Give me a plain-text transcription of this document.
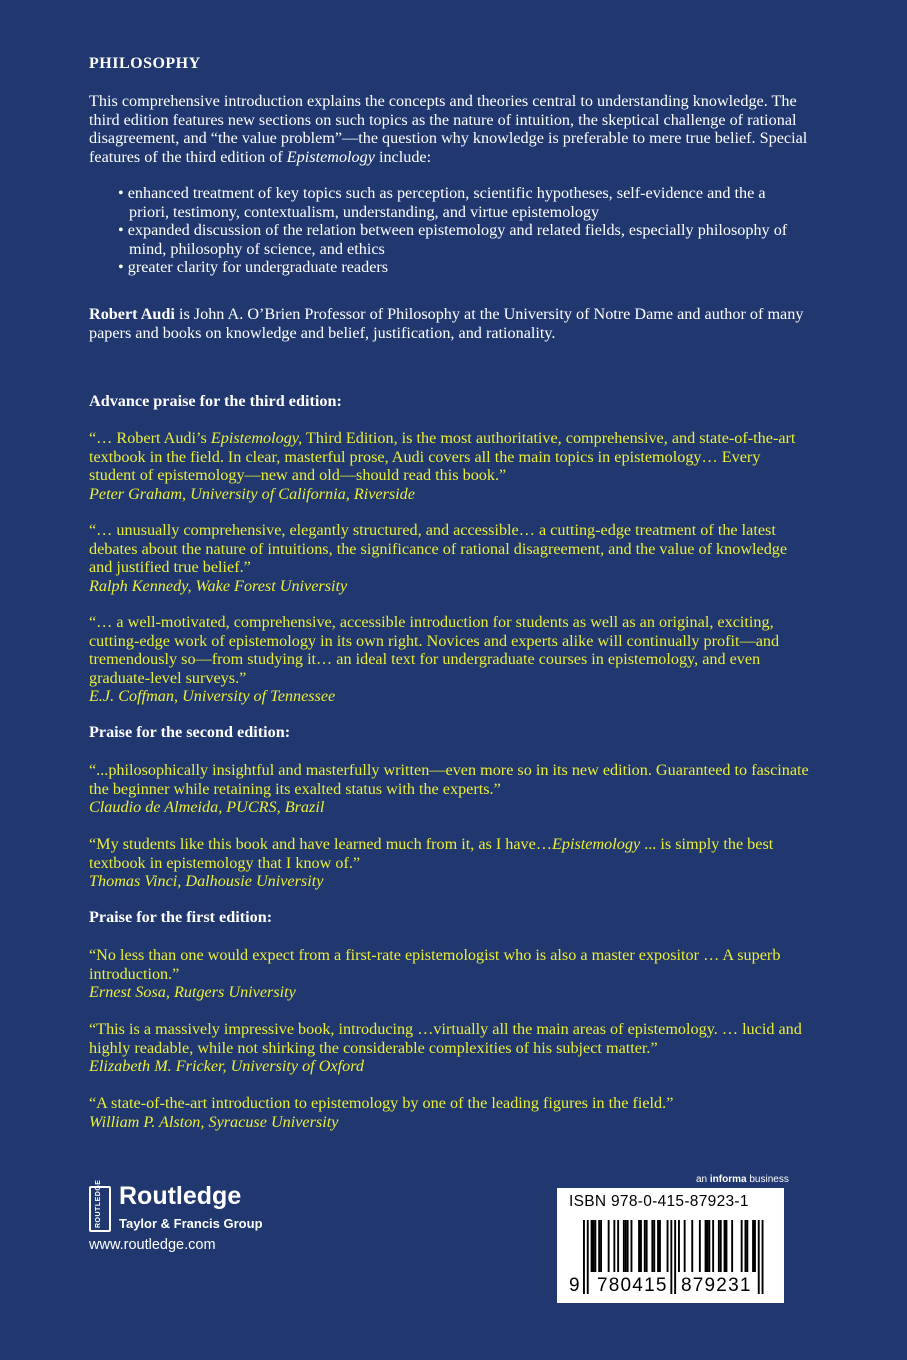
PHILOSOPHY

This comprehensive introduction explains the concepts and theories central to understanding knowledge. The third edition features new sections on such topics as the nature of intuition, the skeptical challenge of rational disagreement, and “the value problem”—the question why knowledge is preferable to mere true belief. Special features of the third edition of Epistemology include:

• enhanced treatment of key topics such as perception, scientific hypotheses, self-evidence and the a priori, testimony, contextualism, understanding, and virtue epistemology
• expanded discussion of the relation between epistemology and related fields, especially philosophy of mind, philosophy of science, and ethics
• greater clarity for undergraduate readers

Robert Audi is John A. O’Brien Professor of Philosophy at the University of Notre Dame and author of many papers and books on knowledge and belief, justification, and rationality.

Advance praise for the third edition:

“… Robert Audi’s Epistemology, Third Edition, is the most authoritative, comprehensive, and state-of-the-art textbook in the field. In clear, masterful prose, Audi covers all the main topics in epistemology… Every student of epistemology—new and old—should read this book.”

Peter Graham, University of California, Riverside

“… unusually comprehensive, elegantly structured, and accessible… a cutting-edge treatment of the latest debates about the nature of intuitions, the significance of rational disagreement, and the value of knowledge and justified true belief.”

Ralph Kennedy, Wake Forest University

“… a well-motivated, comprehensive, accessible introduction for students as well as an original, exciting, cutting-edge work of epistemology in its own right. Novices and experts alike will continually profit—and tremendously so—from studying it… an ideal text for undergraduate courses in epistemology, and even graduate-level surveys.”

E.J. Coffman, University of Tennessee

Praise for the second edition:

“...philosophically insightful and masterfully written—even more so in its new edition. Guaranteed to fascinate the beginner while retaining its exalted status with the experts.”

Claudio de Almeida, PUCRS, Brazil

“My students like this book and have learned much from it, as I have…Epistemology ... is simply the best textbook in epistemology that I know of.”

Thomas Vinci, Dalhousie University

Praise for the first edition:

“No less than one would expect from a first-rate epistemologist who is also a master expositor … A superb introduction.”

Ernest Sosa, Rutgers University

“This is a massively impressive book, introducing …virtually all the main areas of epistemology. … lucid and highly readable, while not shirking the considerable complexities of his subject matter.”

Elizabeth M. Fricker, University of Oxford

“A state-of-the-art introduction to epistemology by one of the leading figures in the field.”

William P. Alston, Syracuse University

ROUTLEDGE Routledge
Taylor & Francis Group
www.routledge.com
an informa business
ISBN 978-0-415-87923-1
9 780415 879231
